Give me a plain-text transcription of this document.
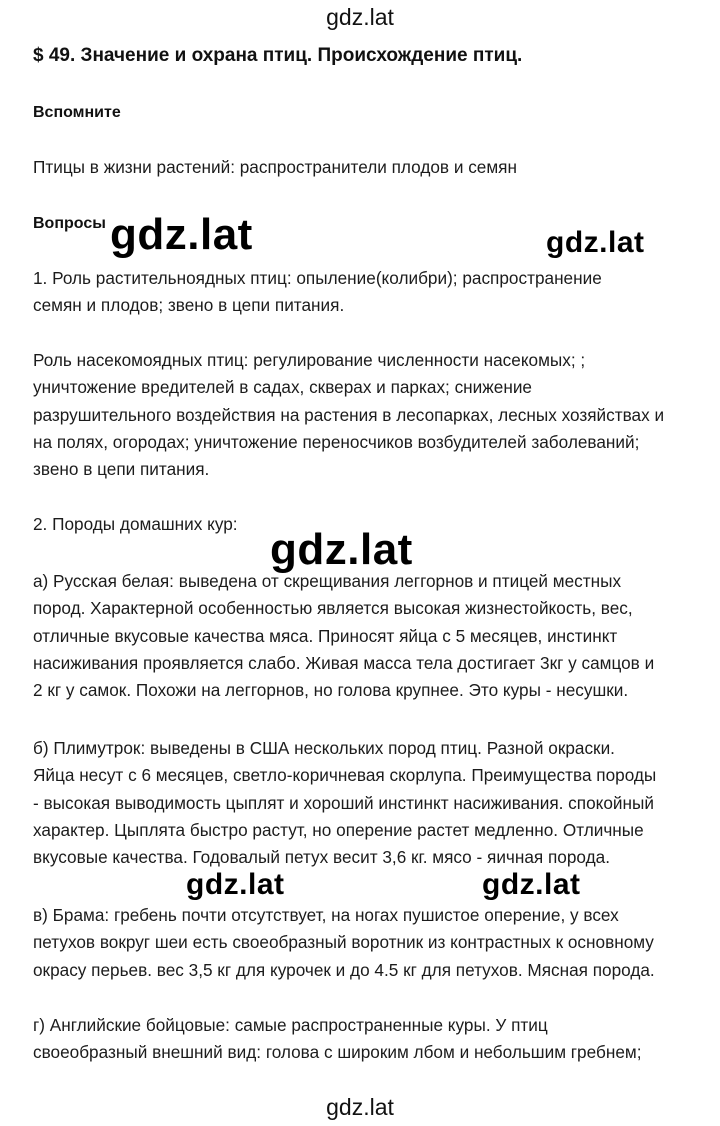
gdz.lat
$ 49. Значение и охрана птиц. Происхождение птиц.
Вспомните

Птицы в жизни растений: распространители плодов и семян

Вопросы

1. Роль растительноядных птиц: опыление(колибри); распространение
семян и плодов; звено в цепи питания.

Роль насекомоядных птиц: регулирование численности насекомых; ;
уничтожение вредителей в садах, скверах и парках; снижение
разрушительного воздействия на растения в лесопарках, лесных хозяйствах и
на полях, огородах; уничтожение переносчиков возбудителей заболеваний;
звено в цепи питания.

2. Породы домашних кур:

а) Русская белая: выведена от скрещивания леггорнов и птицей местных
пород. Характерной особенностью является высокая жизнестойкость, вес,
отличные вкусовые качества мяса. Приносят яйца с 5 месяцев, инстинкт
насиживания проявляется слабо. Живая масса тела достигает 3кг у самцов и
2 кг у самок. Похожи на леггорнов, но голова крупнее. Это куры - несушки.

б) Плимутрок: выведены в США нескольких пород птиц. Разной окраски.
Яйца несут с 6 месяцев, светло-коричневая скорлупа. Преимущества породы
- высокая выводимость цыплят и хороший инстинкт насиживания. спокойный
характер. Цыплята быстро растут, но оперение растет медленно. Отличные
вкусовые качества. Годовалый петух весит 3,6 кг. мясо - яичная порода.

в) Брама: гребень почти отсутствует, на ногах пушистое оперение, у всех
петухов вокруг шеи есть своеобразный воротник из контрастных к основному
окрасу перьев. вес 3,5 кг для курочек и до 4.5 кг для петухов. Мясная порода.

г) Английские бойцовые: самые распространенные куры. У птиц
своеобразный внешний вид: голова с широким лбом и небольшим гребнем;

gdz.lat	gdz.lat
gdz.lat
gdz.lat	gdz.lat
gdz.lat
